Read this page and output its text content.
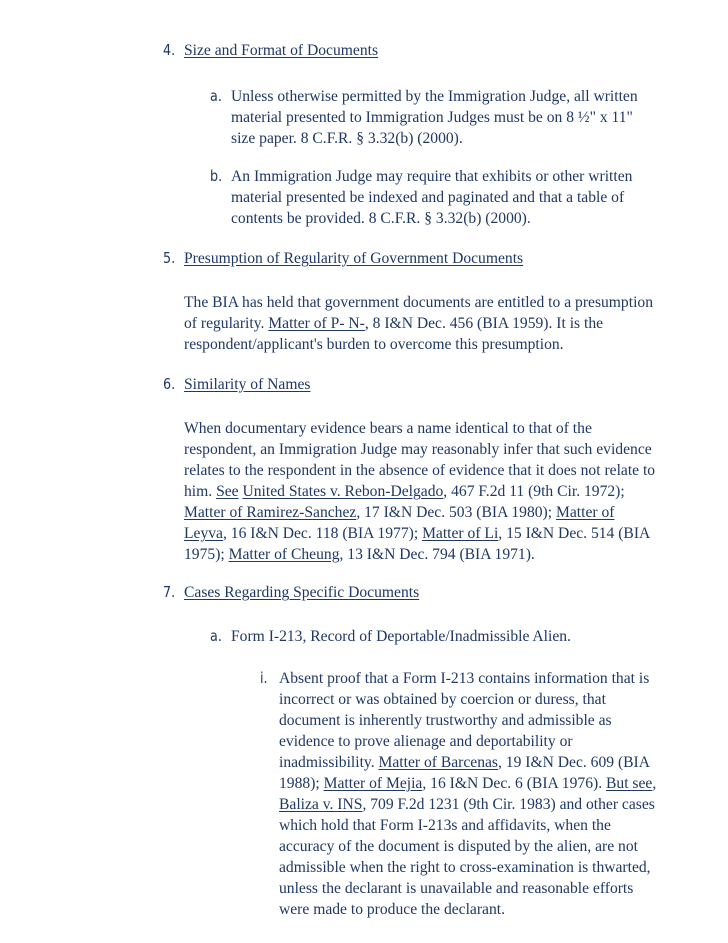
4. Size and Format of Documents
a. Unless otherwise permitted by the Immigration Judge, all written
material presented to Immigration Judges must be on 8 ½" x 11"
size paper. 8 C.F.R. § 3.32(b) (2000).
b. An Immigration Judge may require that exhibits or other written
material presented be indexed and paginated and that a table of
contents be provided. 8 C.F.R. § 3.32(b) (2000).
5. Presumption of Regularity of Government Documents
The BIA has held that government documents are entitled to a presumption
of regularity. Matter of P- N-, 8 I&N Dec. 456 (BIA 1959). It is the
respondent/applicant's burden to overcome this presumption.
6. Similarity of Names
When documentary evidence bears a name identical to that of the
respondent, an Immigration Judge may reasonably infer that such evidence
relates to the respondent in the absence of evidence that it does not relate to
him. See United States v. Rebon-Delgado, 467 F.2d 11 (9th Cir. 1972);
Matter of Ramirez-Sanchez, 17 I&N Dec. 503 (BIA 1980); Matter of
Leyva, 16 I&N Dec. 118 (BIA 1977); Matter of Li, 15 I&N Dec. 514 (BIA
1975); Matter of Cheung, 13 I&N Dec. 794 (BIA 1971).
7. Cases Regarding Specific Documents
a. Form I-213, Record of Deportable/Inadmissible Alien.
i. Absent proof that a Form I-213 contains information that is
incorrect or was obtained by coercion or duress, that
document is inherently trustworthy and admissible as
evidence to prove alienage and deportability or
inadmissibility. Matter of Barcenas, 19 I&N Dec. 609 (BIA
1988); Matter of Mejia, 16 I&N Dec. 6 (BIA 1976). But see,
Baliza v. INS, 709 F.2d 1231 (9th Cir. 1983) and other cases
which hold that Form I-213s and affidavits, when the
accuracy of the document is disputed by the alien, are not
admissible when the right to cross-examination is thwarted,
unless the declarant is unavailable and reasonable efforts
were made to produce the declarant.
